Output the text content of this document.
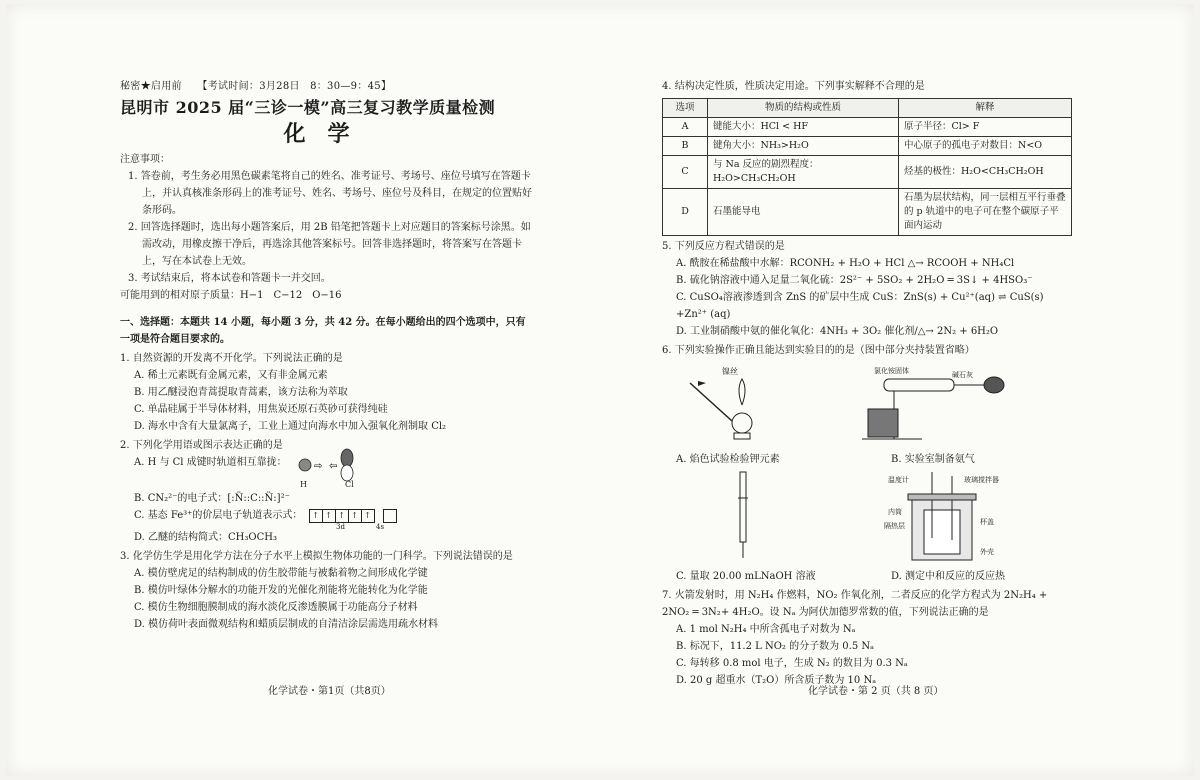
秘密★启用前　　【考试时间：3月28日　8：30—9：45】
昆明市 2025 届“三诊一模”高三复习教学质量检测
化学
注意事项：
1. 答卷前，考生务必用黑色碳素笔将自己的姓名、准考证号、考场号、座位号填写在答题卡上，并认真核准条形码上的准考证号、姓名、考场号、座位号及科目，在规定的位置贴好条形码。
2. 回答选择题时，选出每小题答案后，用 2B 铅笔把答题卡上对应题目的答案标号涂黑。如需改动，用橡皮擦干净后，再选涂其他答案标号。回答非选择题时，将答案写在答题卡上，写在本试卷上无效。
3. 考试结束后，将本试卷和答题卡一并交回。
可能用到的相对原子质量：H−1　C−12　O−16
一、选择题：本题共 14 小题，每小题 3 分，共 42 分。在每小题给出的四个选项中，只有一项是符合题目要求的。
1. 自然资源的开发离不开化学。下列说法正确的是
A. 稀土元素既有金属元素，又有非金属元素
B. 用乙醚浸泡青蒿提取青蒿素，该方法称为萃取
C. 单晶硅属于半导体材料，用焦炭还原石英砂可获得纯硅
D. 海水中含有大量氯离子，工业上通过向海水中加入强氧化剂制取 Cl₂
2. 下列化学用语或图示表达正确的是
A. H 与 Cl 成键时轨道相互靠拢：	⇨ ⇦
H	Cl
B. CN₂²⁻的电子式：[:N̈::C::N̈:]²⁻
C. 基态 Fe³⁺的价层电子轨道表示式：	↑ ↑ ↑ ↑ ↑

3d	4s
D. 乙醚的结构简式：CH₃OCH₃
3. 化学仿生学是用化学方法在分子水平上模拟生物体功能的一门科学。下列说法错误的是
A. 模仿壁虎足的结构制成的仿生胶带能与被黏着物之间形成化学键
B. 模仿叶绿体分解水的功能开发的光催化剂能将光能转化为化学能
C. 模仿生物细胞膜制成的海水淡化反渗透膜属于功能高分子材料
D. 模仿荷叶表面微观结构和蜡质层制成的自清洁涂层需选用疏水材料
化学试卷・第1页（共8页）
4. 结构决定性质，性质决定用途。下列事实解释不合理的是
选项	物质的结构或性质	解释
A	键能大小：HCl < HF	原子半径：Cl> F
B	键角大小：NH₃>H₂O	中心原子的孤电子对数目：N<O
C	与 Na 反应的剧烈程度：H₂O>CH₃CH₂OH	烃基的极性：H₂O<CH₃CH₂OH
D	石墨能导电	石墨为层状结构，同一层相互平行垂叠的 p 轨道中的电子可在整个碳原子平面内运动
5. 下列反应方程式错误的是
A. 酰胺在稀盐酸中水解：RCONH₂ + H₂O + HCl △→ RCOOH + NH₄Cl
B. 硫化钠溶液中通入足量二氧化硫：2S²⁻ + 5SO₂ + 2H₂O ═ 3S↓ + 4HSO₃⁻
C. CuSO₄溶液渗透到含 ZnS 的矿层中生成 CuS：ZnS(s) + Cu²⁺(aq) ⇌ CuS(s) +Zn²⁺ (aq)
D. 工业制硝酸中氨的催化氧化：4NH₃ + 3O₂ 催化剂/△→ 2N₂ + 6H₂O
6. 下列实验操作正确且能达到实验目的的是（图中部分夹持装置省略）
镍丝	氯化铵固体	碱石灰
A. 焰色试验检验钾元素	B. 实验室制备氨气
温度计	玻璃搅拌器
内筒
隔热层	杯盖
外壳
C. 量取 20.00 mLNaOH 溶液	D. 测定中和反应的反应热
7. 火箭发射时，用 N₂H₄ 作燃料，NO₂ 作氧化剂，二者反应的化学方程式为 2N₂H₄ + 2NO₂ ═ 3N₂+ 4H₂O。设 Nₐ 为阿伏加德罗常数的值，下列说法正确的是
A. 1 mol N₂H₄ 中所含孤电子对数为 Nₐ
B. 标况下，11.2 L NO₂ 的分子数为 0.5 Nₐ
C. 每转移 0.8 mol 电子，生成 N₂ 的数目为 0.3 Nₐ
D. 20 g 超重水（T₂O）所含质子数为 10 Nₐ
化学试卷・第 2 页（共 8 页）
